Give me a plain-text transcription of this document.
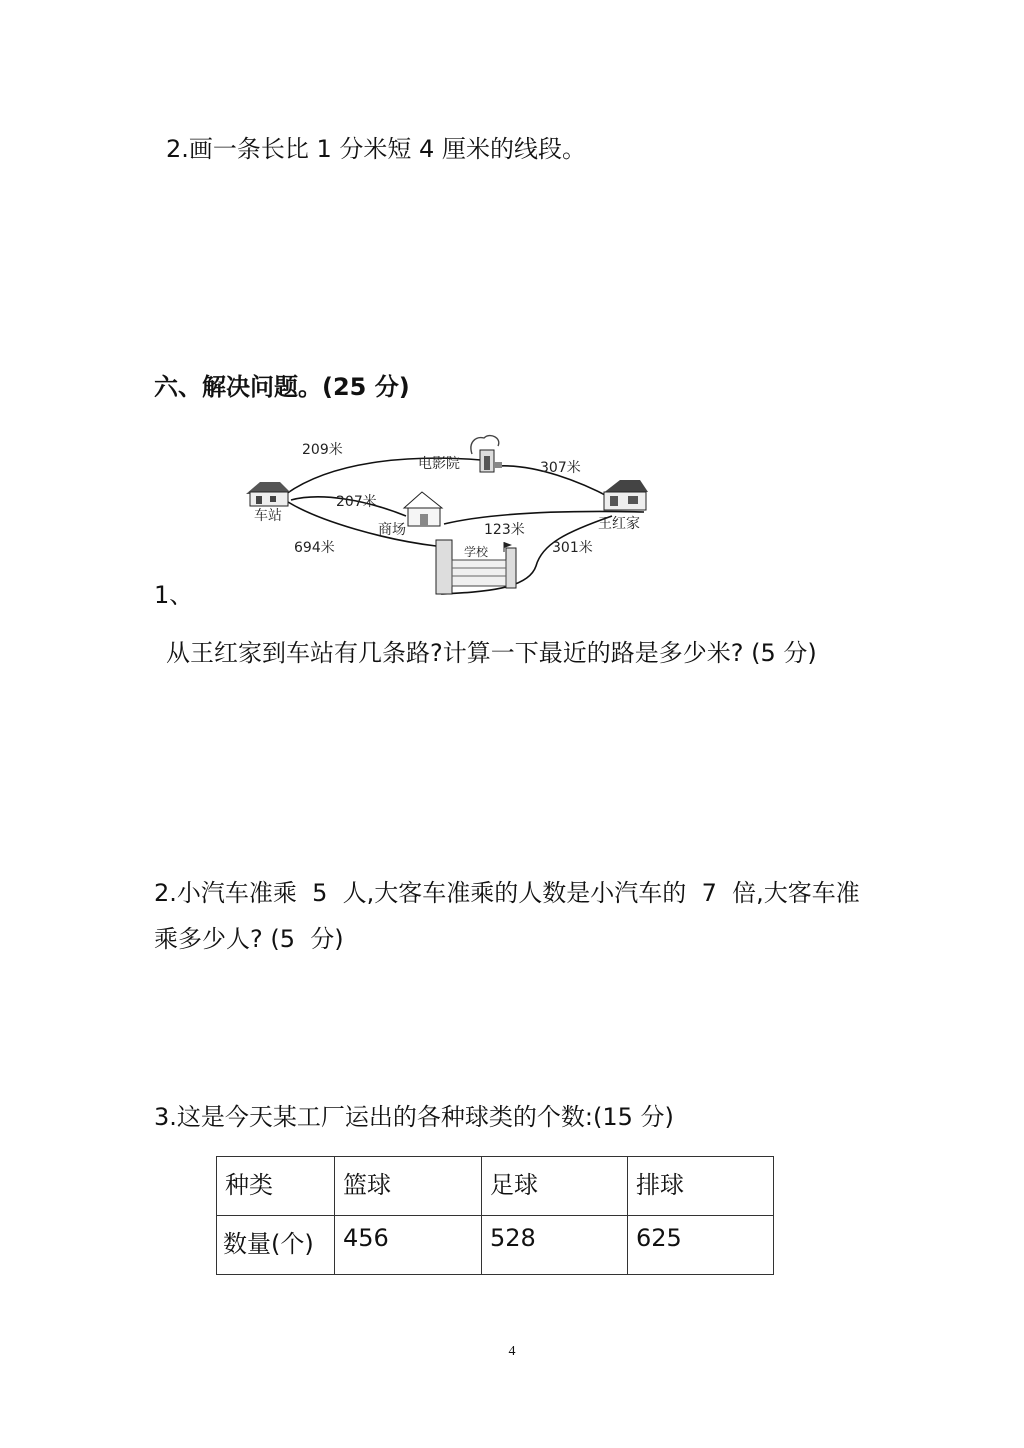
2.画一条长比 1 分米短 4 厘米的线段。
六、解决问题。(25 分)
车站
电影院
商场	王红家
学校
209米
307米
207米
123米
694米	301米
1、
从王红家到车站有几条路?计算一下最近的路是多少米? (5 分)
2.小汽车准乘  5  人,大客车准乘的人数是小汽车的  7  倍,大客车准
乘多少人? (5  分)
3.这是今天某工厂运出的各种球类的个数:(15 分)
种类	篮球	足球	排球
数量(个)	456	528	625
4
